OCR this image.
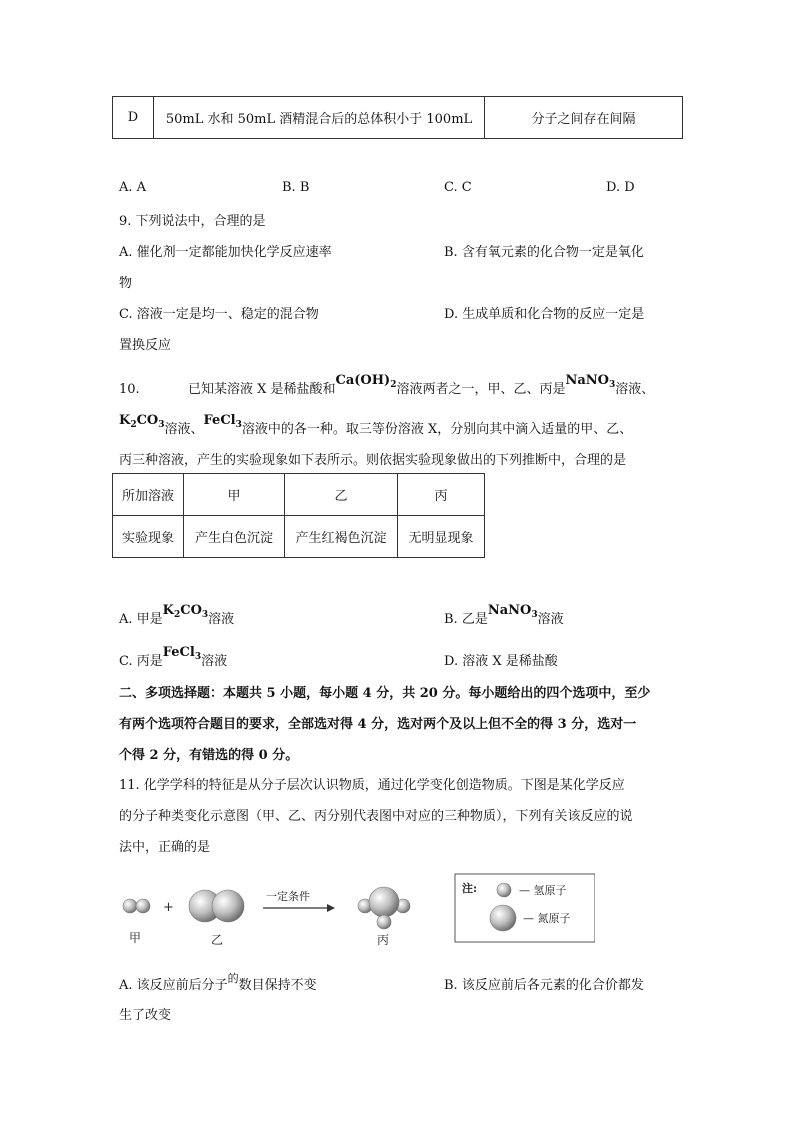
D	50mL 水和 50mL 酒精混合后的总体积小于 100mL	分子之间存在间隔
A. A	B. B	C. C	D. D
9. 下列说法中，合理的是
A. 催化剂一定都能加快化学反应速率	B. 含有氧元素的化合物一定是氧化
物
C. 溶液一定是均一、稳定的混合物	D. 生成单质和化合物的反应一定是
置换反应
10.	已知某溶液 X 是稀盐酸和$Ca(OH)_2$溶液两者之一，甲、乙、丙是NaNO$_3$溶液、
$K_2CO_3$溶液、FeCl$_3$溶液中的各一种。取三等份溶液 X，分别向其中滴入适量的甲、乙、
丙三种溶液，产生的实验现象如下表所示。则依据实验现象做出的下列推断中，合理的是
所加溶液	甲	乙	丙
实验现象	产生白色沉淀	产生红褐色沉淀	无明显现象
A. 甲是$K_2CO_3$溶液	B. 乙是NaNO$_3$溶液
C. 丙是FeCl$_3$溶液	D. 溶液 X 是稀盐酸
二、多项选择题：本题共 5 小题，每小题 4 分，共 20 分。每小题给出的四个选项中，至少
有两个选项符合题目的要求，全部选对得 4 分，选对两个及以上但不全的得 3 分，选对一
个得 2 分，有错选的得 0 分。
11. 化学学科的特征是从分子层次认识物质，通过化学变化创造物质。下图是某化学反应
的分子种类变化示意图（甲、乙、丙分别代表图中对应的三种物质），下列有关该反应的说
法中，正确的是
甲
+
乙
一定条件
丙
注:	— 氢原子
— 氮原子
A. 该反应前后分子$^的$数目保持不变	B. 该反应前后各元素的化合价都发
生了改变
